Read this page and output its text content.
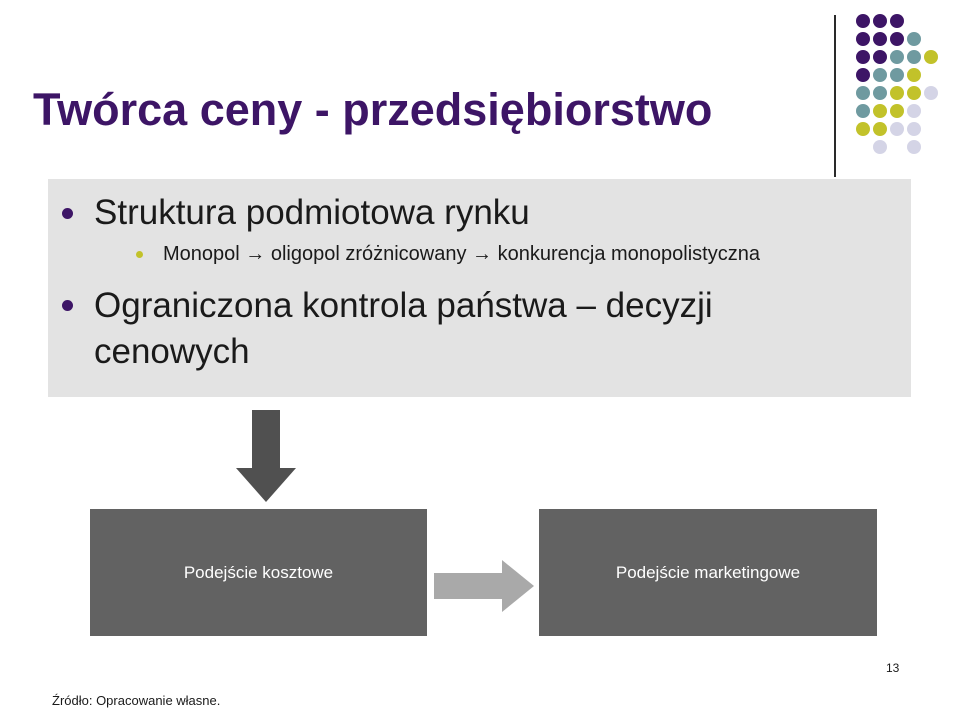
Twórca ceny - przedsiębiorstwo
Struktura podmiotowa rynku
Monopol → oligopol zróżnicowany → konkurencja monopolistyczna
Ograniczona kontrola państwa – decyzji
cenowych
Podejście kosztowe	Podejście marketingowe
13
Źródło: Opracowanie własne.
